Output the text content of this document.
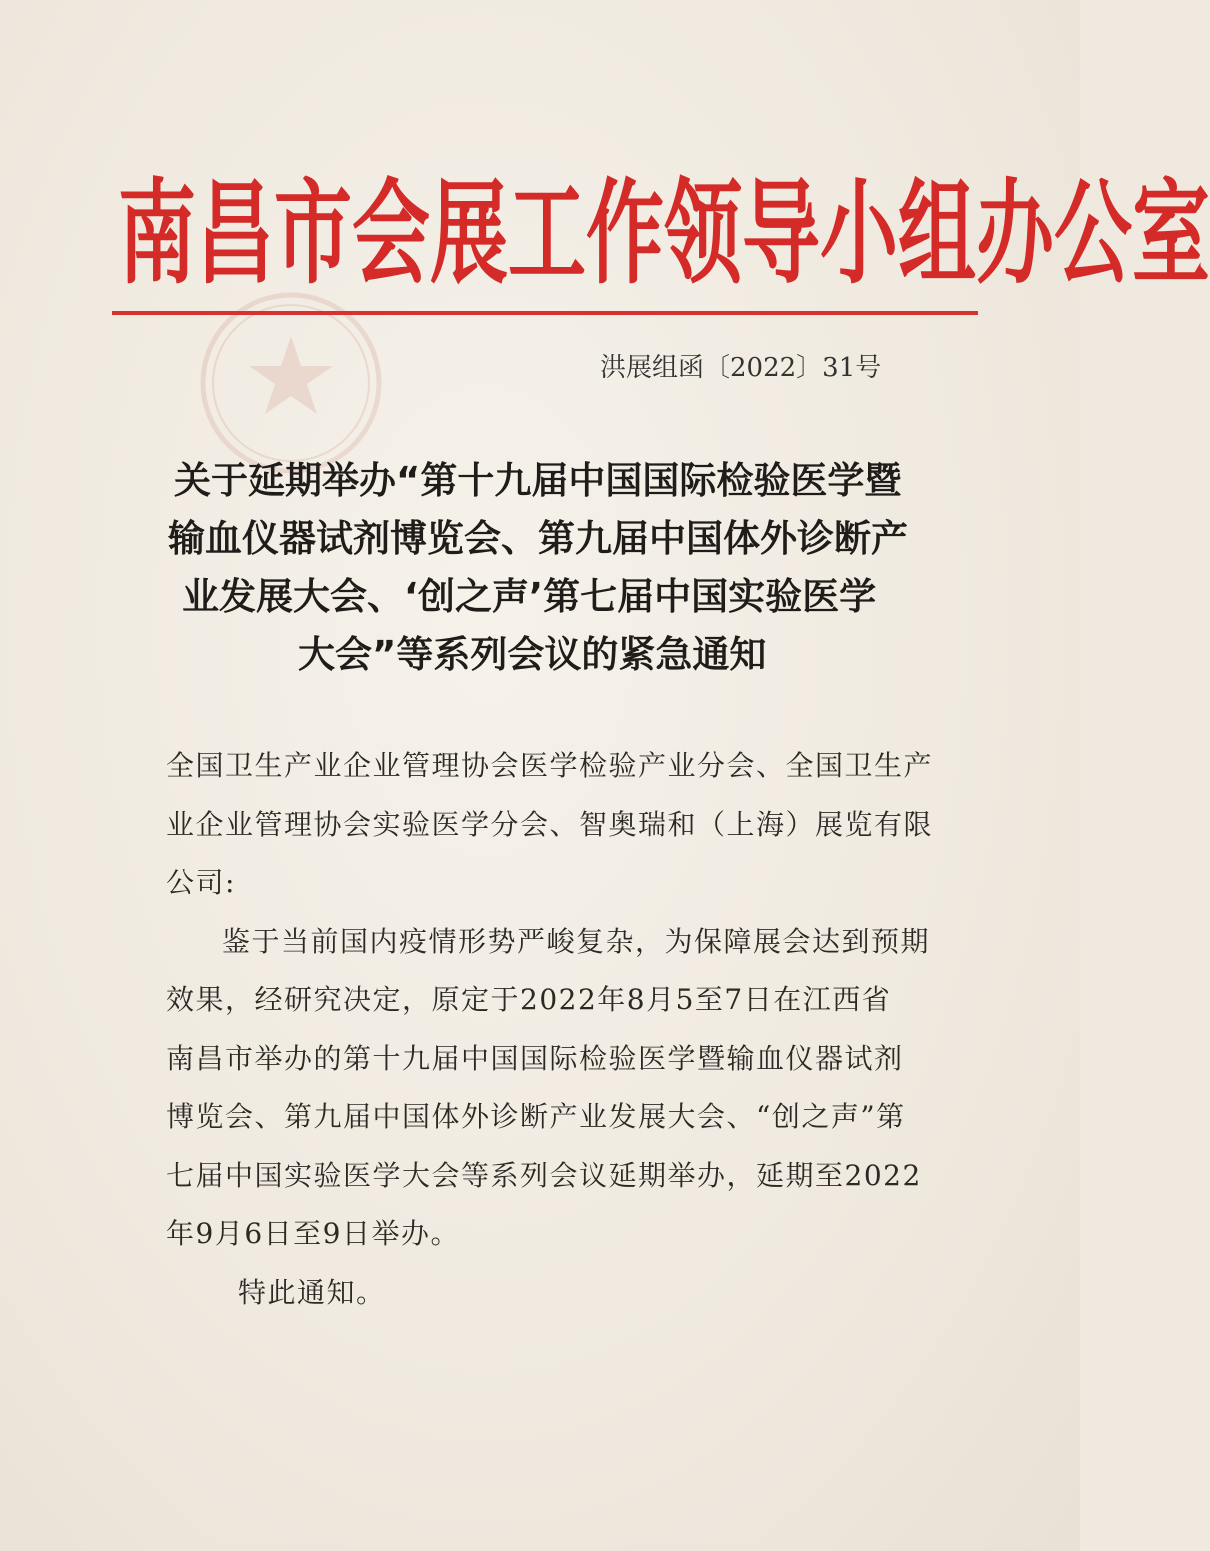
南昌市会展工作领导小组办公室
洪展组函〔2022〕31号
关于延期举办“第十九届中国国际检验医学暨
输血仪器试剂博览会、第九届中国体外诊断产
业发展大会、‘创之声’第七届中国实验医学
大会”等系列会议的紧急通知
全国卫生产业企业管理协会医学检验产业分会、全国卫生产
业企业管理协会实验医学分会、智奥瑞和（上海）展览有限
公司:
鉴于当前国内疫情形势严峻复杂，为保障展会达到预期
效果，经研究决定，原定于2022年8月5至7日在江西省
南昌市举办的第十九届中国国际检验医学暨输血仪器试剂
博览会、第九届中国体外诊断产业发展大会、“创之声”第
七届中国实验医学大会等系列会议延期举办，延期至2022
年9月6日至9日举办。
特此通知。
